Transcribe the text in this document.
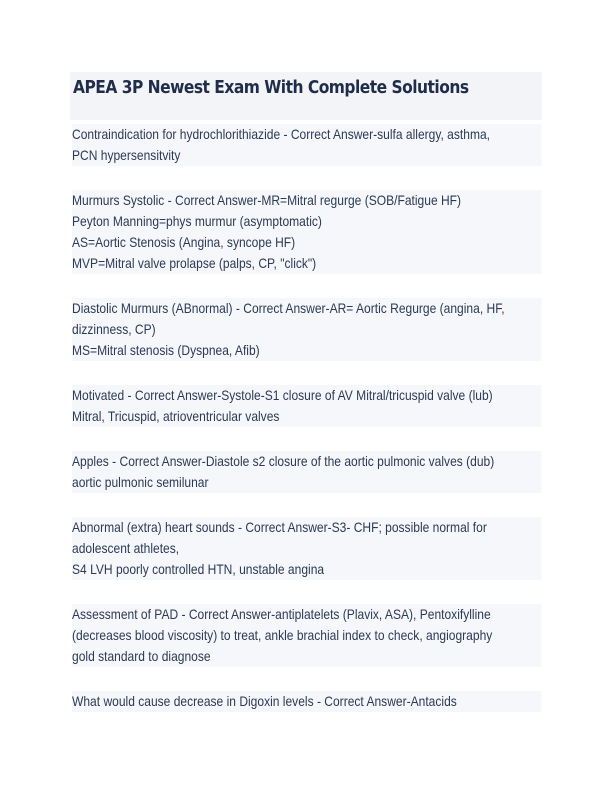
APEA 3P Newest Exam With Complete Solutions
Contraindication for hydrochlorithiazide - Correct Answer-sulfa allergy, asthma,
PCN hypersensitvity
Murmurs Systolic - Correct Answer-MR=Mitral regurge (SOB/Fatigue HF)
Peyton Manning=phys murmur (asymptomatic)
AS=Aortic Stenosis (Angina, syncope HF)
MVP=Mitral valve prolapse (palps, CP, "click")
Diastolic Murmurs (ABnormal) - Correct Answer-AR= Aortic Regurge (angina, HF,
dizzinness, CP)
MS=Mitral stenosis (Dyspnea, Afib)
Motivated - Correct Answer-Systole-S1 closure of AV Mitral/tricuspid valve (lub)
Mitral, Tricuspid, atrioventricular valves
Apples - Correct Answer-Diastole s2 closure of the aortic pulmonic valves (dub)
aortic pulmonic semilunar
Abnormal (extra) heart sounds - Correct Answer-S3- CHF; possible normal for
adolescent athletes,
S4 LVH poorly controlled HTN, unstable angina
Assessment of PAD - Correct Answer-antiplatelets (Plavix, ASA), Pentoxifylline
(decreases blood viscosity) to treat, ankle brachial index to check, angiography
gold standard to diagnose
What would cause decrease in Digoxin levels - Correct Answer-Antacids
